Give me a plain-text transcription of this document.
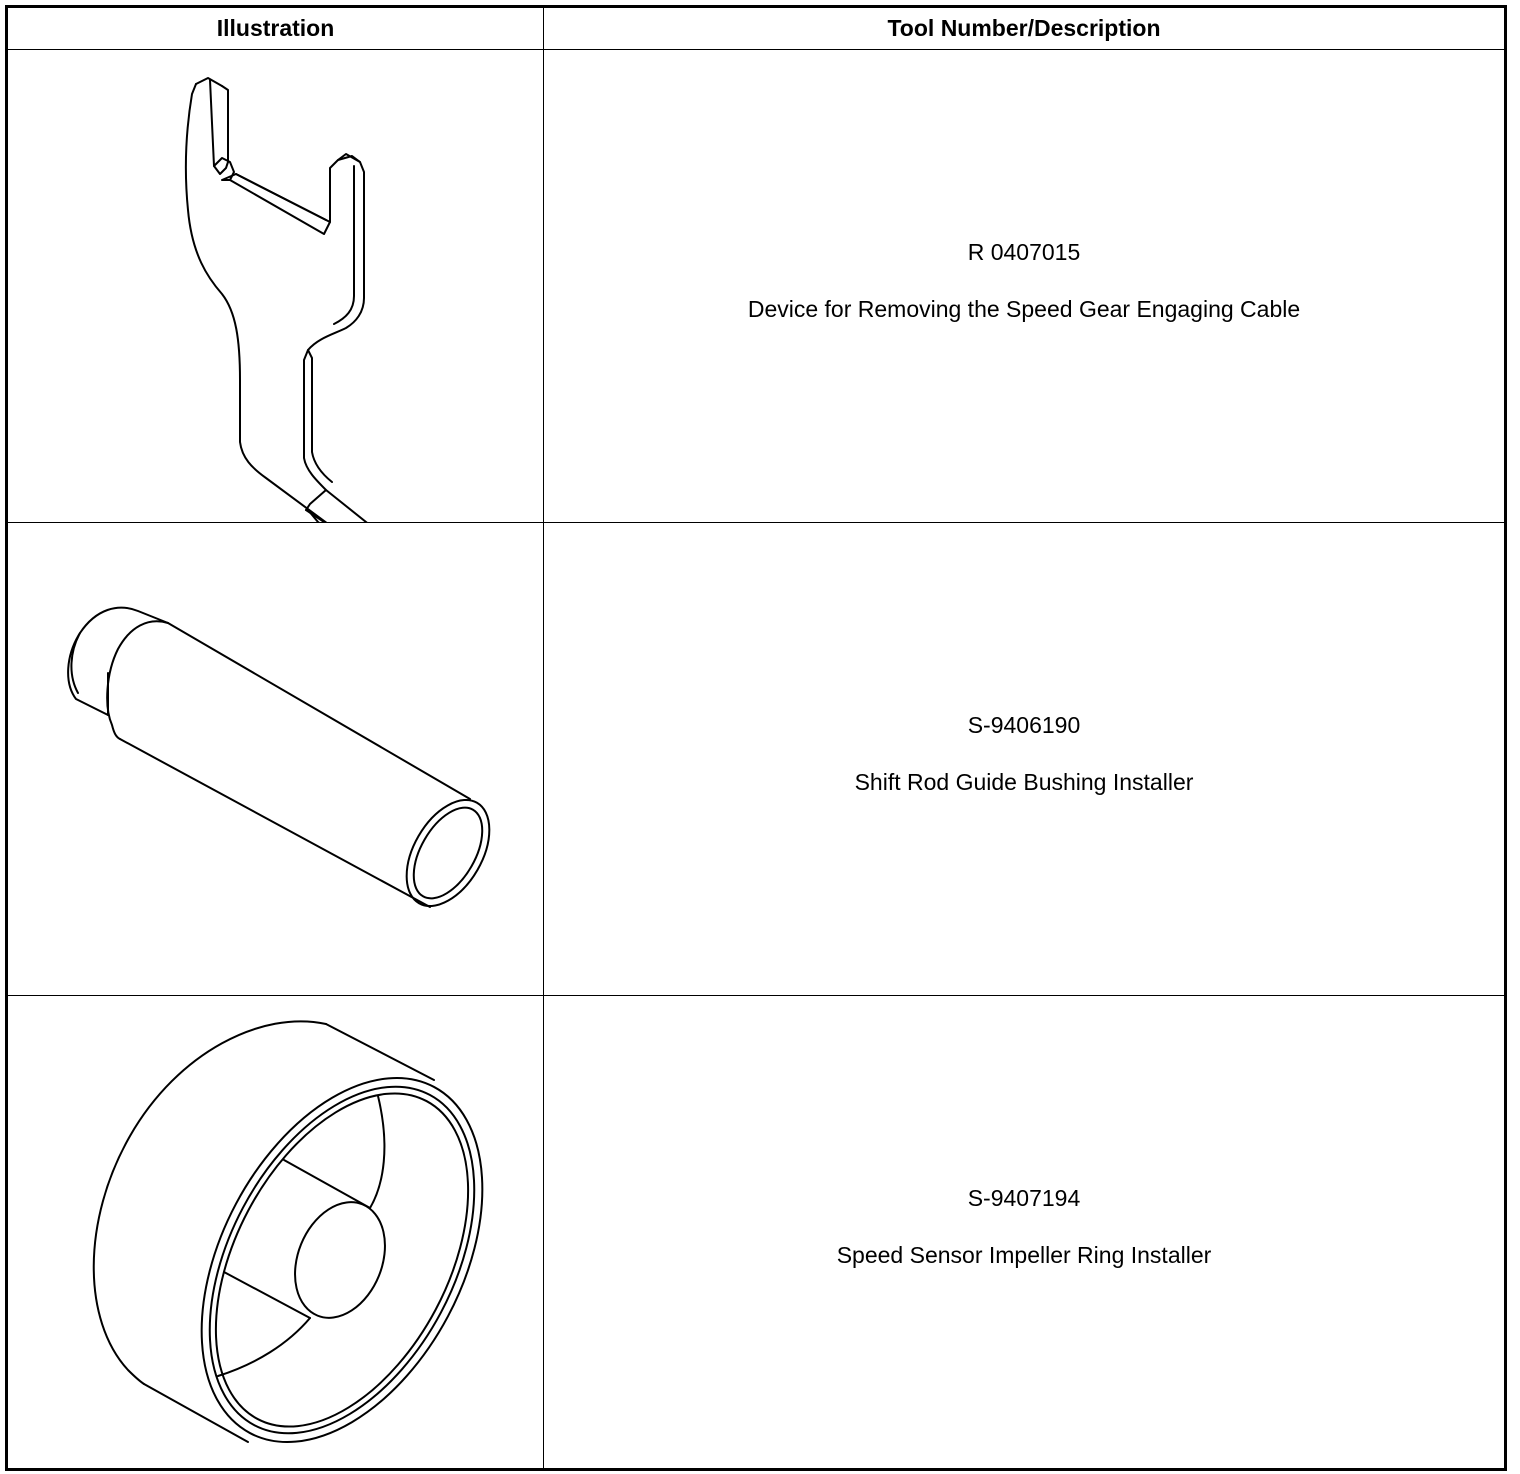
Illustration	Tool Number/Description

R 0407015
Device for Removing the Speed Gear Engaging Cable

S-9406190
Shift Rod Guide Bushing Installer

S-9407194
Speed Sensor Impeller Ring Installer
